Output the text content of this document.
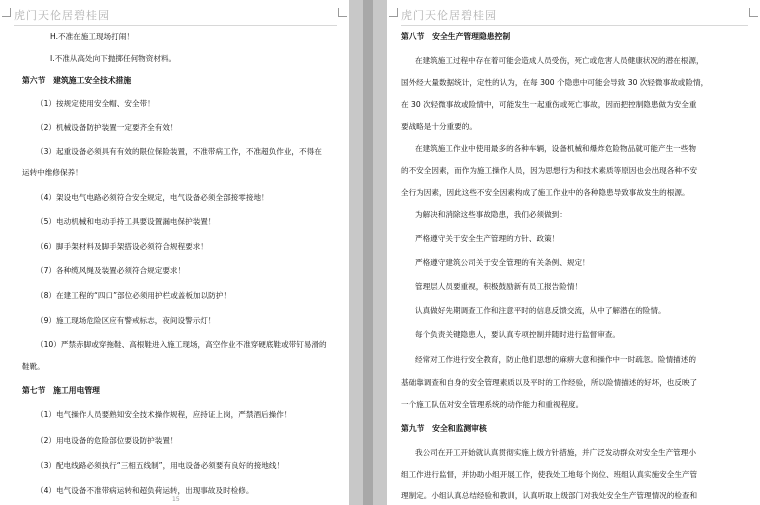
虎门天伦居碧桂园
H.不准在施工现场打闹！
I.不准从高处向下抛掷任何物资材料。
第六节　建筑施工安全技术措施
（1）按规定使用安全帽、安全带！
（2）机械设备防护装置一定要齐全有效！
（3）起重设备必须具有有效的限位保险装置，不准带病工作，不准超负作业，不得在
运转中维修保养！
（4）架设电气电路必须符合安全规定，电气设备必须全部接零接地！
（5）电动机械和电动手持工具要设置漏电保护装置！
（6）脚手架材料及脚手架搭设必须符合规程要求！
（7）各种缆风绳及装置必须符合规定要求！
（8）在建工程的“四口”部位必须用护栏或盖板加以防护！
（9）施工现场危险区应有警戒标志，夜间设警示灯！
（10）严禁赤脚或穿拖鞋、高根鞋进入施工现场，高空作业不准穿硬底鞋或带钉易滑的
鞋靴。
第七节　施工用电管理
（1）电气操作人员要熟知安全技术操作规程，应持证上岗，严禁酒后操作！
（2）用电设备的危险部位要设防护装置！
（3）配电线路必须执行“三相五线制”，用电设备必须要有良好的接地线！
（4）电气设备不准带病运转和超负荷运转，出现事故及时检修。
15
虎门天伦居碧桂园
第八节　安全生产管理隐患控制
在建筑施工过程中存在着可能会造成人员受伤，死亡或危害人员健康状况的潜在根源，
国外经大量数据统计，定性的认为，在每 300 个隐患中可能会导致 30 次轻微事故或险情，
在 30 次轻微事故或险情中，可能发生一起重伤或死亡事故，因而把控制隐患做为安全重
要战略是十分重要的。
在建筑施工作业中使用最多的各种车辆，设备机械和爆炸危险物品就可能产生一些物
的不安全因素，而作为施工操作人员，因为思想行为和技术素质等原因也会出现各种不安
全行为因素，因此这些不安全因素构成了施工作业中的各种隐患导致事故发生的根源。
为解决和消除这些事故隐患，我们必须做到：
严格遵守关于安全生产管理的方针、政策！
严格遵守建筑公司关于安全管理的有关条例、规定！
管理层人员要重视，积极鼓励新有员工报告险情！
认真做好先期调查工作和注意平时的信息反馈交流，从中了解潜在的险情。
每个负责关键隐患人，要认真专项控制并随时进行监督审查。
经常对工作进行安全教育，防止他们思想的麻痹大意和操作中一时疏忽。险情描述的
基础靠调查和自身的安全管理素质以及平时的工作经验，所以险情描述的好坏，也反映了
一个施工队伍对安全管理系统的动作能力和重视程度。
第九节　安全和监测审核
我公司在开工开始就认真贯彻实施上级方针措施，并广泛发动群众对安全生产管理小
组工作进行监督，并协助小组开展工作，使我处工地每个岗位、班组认真实施安全生产管
理制定。小组认真总结经验和教训，认真听取上级部门对我处安全生产管理情况的检查和
